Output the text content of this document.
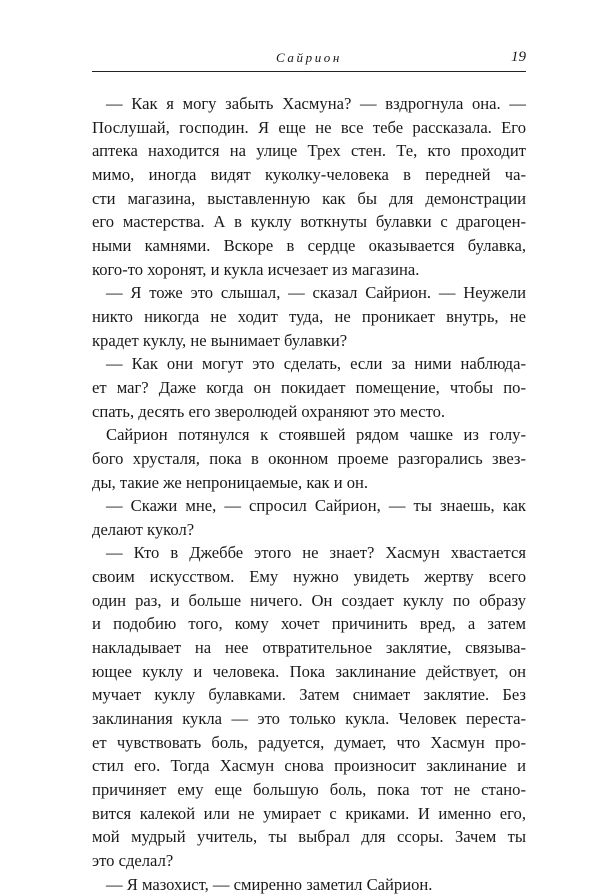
Сайрион	19
— Как я могу забыть Хасмуна? — вздрогнула она. —
Послушай, господин. Я еще не все тебе рассказала. Его
аптека находится на улице Трех стен. Те, кто проходит
мимо, иногда видят куколку-человека в передней ча-
сти магазина, выставленную как бы для демонстрации
его мастерства. А в куклу воткнуты булавки с драгоцен-
ными камнями. Вскоре в сердце оказывается булавка,
кого-то хоронят, и кукла исчезает из магазина.
— Я тоже это слышал, — сказал Сайрион. — Неужели
никто никогда не ходит туда, не проникает внутрь, не
крадет куклу, не вынимает булавки?
— Как они могут это сделать, если за ними наблюда-
ет маг? Даже когда он покидает помещение, чтобы по-
спать, десять его зверолюдей охраняют это место.
Сайрион потянулся к стоявшей рядом чашке из голу-
бого хрусталя, пока в оконном проеме разгорались звез-
ды, такие же непроницаемые, как и он.
— Скажи мне, — спросил Сайрион, — ты знаешь, как
делают кукол?
— Кто в Джеббе этого не знает? Хасмун хвастается
своим искусством. Ему нужно увидеть жертву всего
один раз, и больше ничего. Он создает куклу по образу
и подобию того, кому хочет причинить вред, а затем
накладывает на нее отвратительное заклятие, связыва-
ющее куклу и человека. Пока заклинание действует, он
мучает куклу булавками. Затем снимает заклятие. Без
заклинания кукла — это только кукла. Человек переста-
ет чувствовать боль, радуется, думает, что Хасмун про-
стил его. Тогда Хасмун снова произносит заклинание и
причиняет ему еще большую боль, пока тот не стано-
вится калекой или не умирает с криками. И именно его,
мой мудрый учитель, ты выбрал для ссоры. Зачем ты
это сделал?
— Я мазохист, — смиренно заметил Сайрион.
